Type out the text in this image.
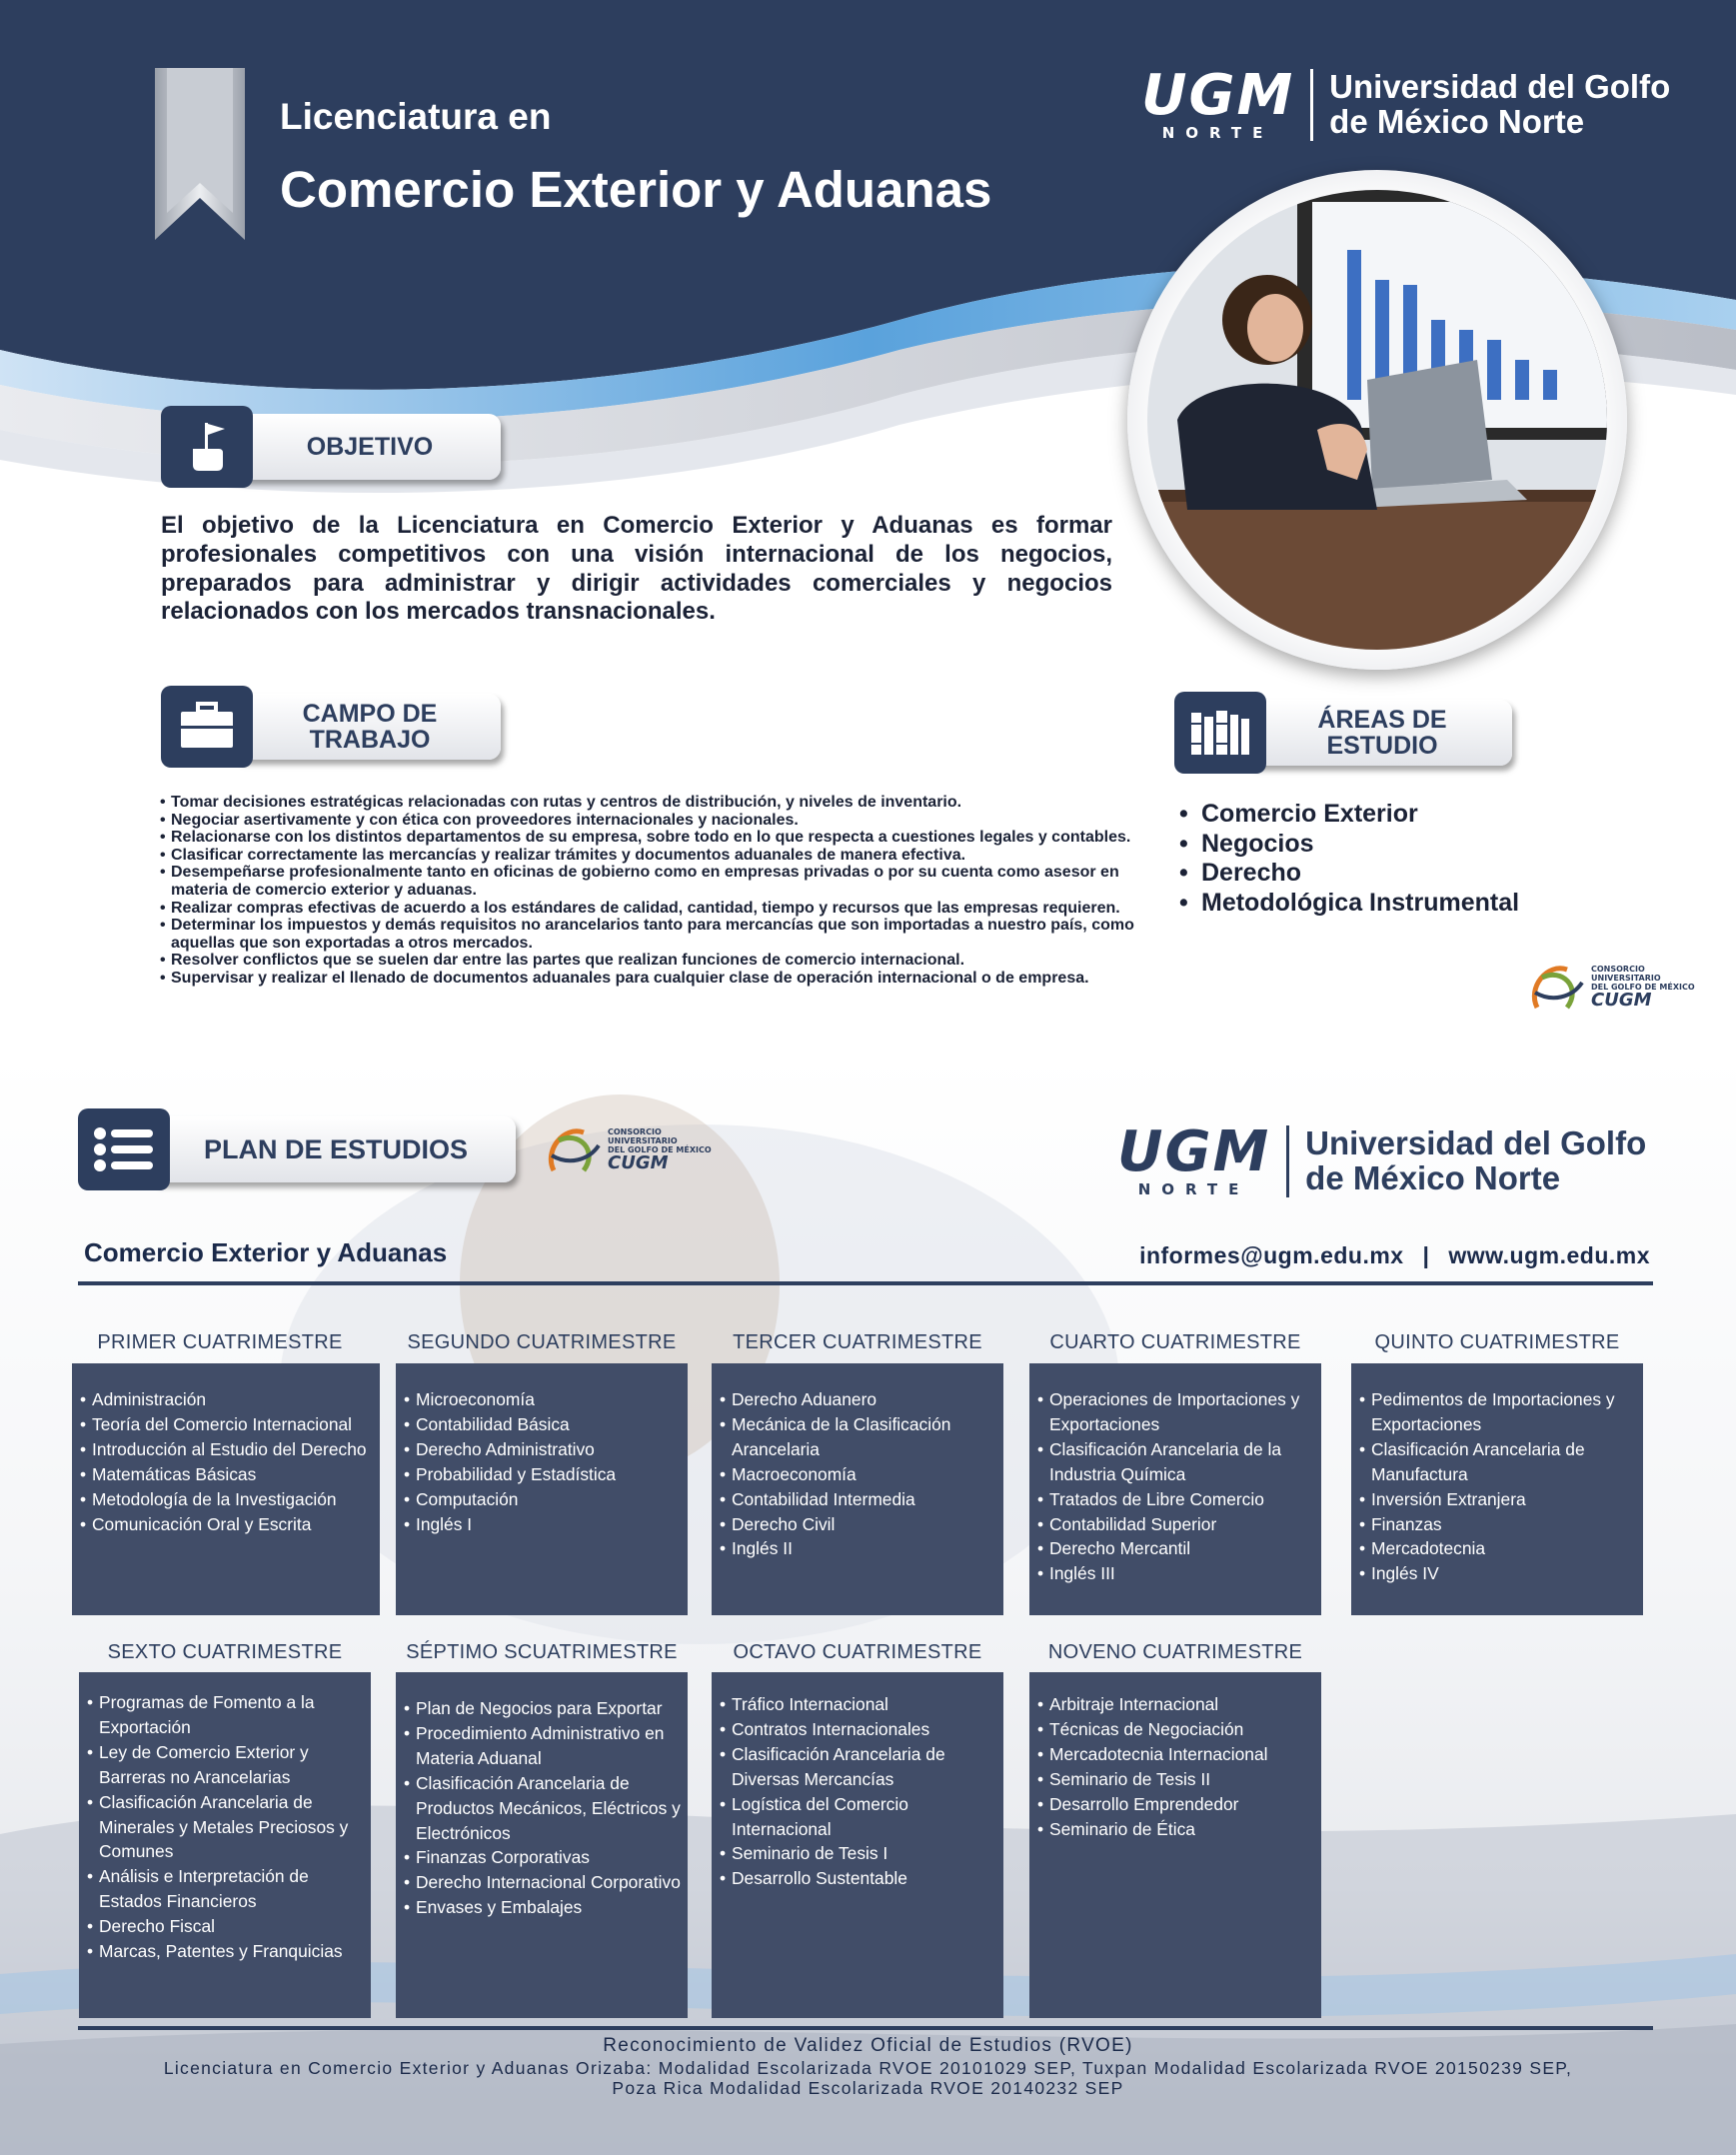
Licenciatura en
Comercio Exterior y Aduanas
UGM
NORTE
Universidad del Golfo
de México Norte
OBJETIVO
El objetivo de la Licenciatura en Comercio Exterior y Aduanas es formar profesionales competitivos con una visión internacional de los negocios, preparados para administrar y dirigir actividades comerciales y negocios relacionados con los mercados transnacionales.
CAMPO DE
TRABAJO
• Tomar decisiones estratégicas relacionadas con rutas y centros de distribución, y niveles de inventario.
• Negociar asertivamente y con ética con proveedores internacionales y nacionales.
• Relacionarse con los distintos departamentos de su empresa, sobre todo en lo que respecta a cuestiones legales y contables.
• Clasificar correctamente las mercancías y realizar trámites y documentos aduanales de manera efectiva.
• Desempeñarse profesionalmente tanto en oficinas de gobierno como en empresas privadas o por su cuenta como asesor en materia de comercio exterior y aduanas.
• Realizar compras efectivas de acuerdo a los estándares de calidad, cantidad, tiempo y recursos que las empresas requieren.
• Determinar los impuestos y demás requisitos no arancelarios tanto para mercancías que son importadas a nuestro país, como aquellas que son exportadas a otros mercados.
• Resolver conflictos que se suelen dar entre las partes que realizan funciones de comercio internacional.
• Supervisar y realizar el llenado de documentos aduanales para cualquier clase de operación internacional o de empresa.
ÁREAS DE
ESTUDIO
• Comercio Exterior
• Negocios
• Derecho
• Metodológica Instrumental
CONSORCIO
UNIVERSITARIO
DEL GOLFO DE MÉXICO
CUGM
PLAN DE ESTUDIOS
CONSORCIO
UNIVERSITARIO
DEL GOLFO DE MÉXICO
CUGM	UGM
NORTE
Universidad del Golfo
de México Norte
Comercio Exterior y Aduanas	informes@ugm.edu.mx | www.ugm.edu.mx
PRIMER CUATRIMESTRE
• Administración
• Teoría del Comercio Internacional
• Introducción al Estudio del Derecho
• Matemáticas Básicas
• Metodología de la Investigación
• Comunicación Oral y Escrita
SEGUNDO CUATRIMESTRE
• Microeconomía
• Contabilidad Básica
• Derecho Administrativo
• Probabilidad y Estadística
• Computación
• Inglés I
TERCER CUATRIMESTRE
• Derecho Aduanero
• Mecánica de la Clasificación Arancelaria
• Macroeconomía
• Contabilidad Intermedia
• Derecho Civil
• Inglés II
CUARTO CUATRIMESTRE
• Operaciones de Importaciones y Exportaciones
• Clasificación Arancelaria de la Industria Química
• Tratados de Libre Comercio
• Contabilidad Superior
• Derecho Mercantil
• Inglés III
QUINTO CUATRIMESTRE
• Pedimentos de Importaciones y Exportaciones
• Clasificación Arancelaria de Manufactura
• Inversión Extranjera
• Finanzas
• Mercadotecnia
• Inglés IV
SEXTO CUATRIMESTRE
• Programas de Fomento a la Exportación
• Ley de Comercio Exterior y Barreras no Arancelarias
• Clasificación Arancelaria de Minerales y Metales Preciosos y Comunes
• Análisis e Interpretación de Estados Financieros
• Derecho Fiscal
• Marcas, Patentes y Franquicias
SÉPTIMO SCUATRIMESTRE
• Plan de Negocios para Exportar
• Procedimiento Administrativo en Materia Aduanal
• Clasificación Arancelaria de Productos Mecánicos, Eléctricos y Electrónicos
• Finanzas Corporativas
• Derecho Internacional Corporativo
• Envases y Embalajes
OCTAVO CUATRIMESTRE
• Tráfico Internacional
• Contratos Internacionales
• Clasificación Arancelaria de Diversas Mercancías
• Logística del Comercio Internacional
• Seminario de Tesis I
• Desarrollo Sustentable
NOVENO CUATRIMESTRE
• Arbitraje Internacional
• Técnicas de Negociación
• Mercadotecnia Internacional
• Seminario de Tesis II
• Desarrollo Emprendedor
• Seminario de Ética
Reconocimiento de Validez Oficial de Estudios (RVOE)
Licenciatura en Comercio Exterior y Aduanas Orizaba: Modalidad Escolarizada RVOE 20101029 SEP, Tuxpan Modalidad Escolarizada RVOE 20150239 SEP,
Poza Rica Modalidad Escolarizada RVOE 20140232 SEP
